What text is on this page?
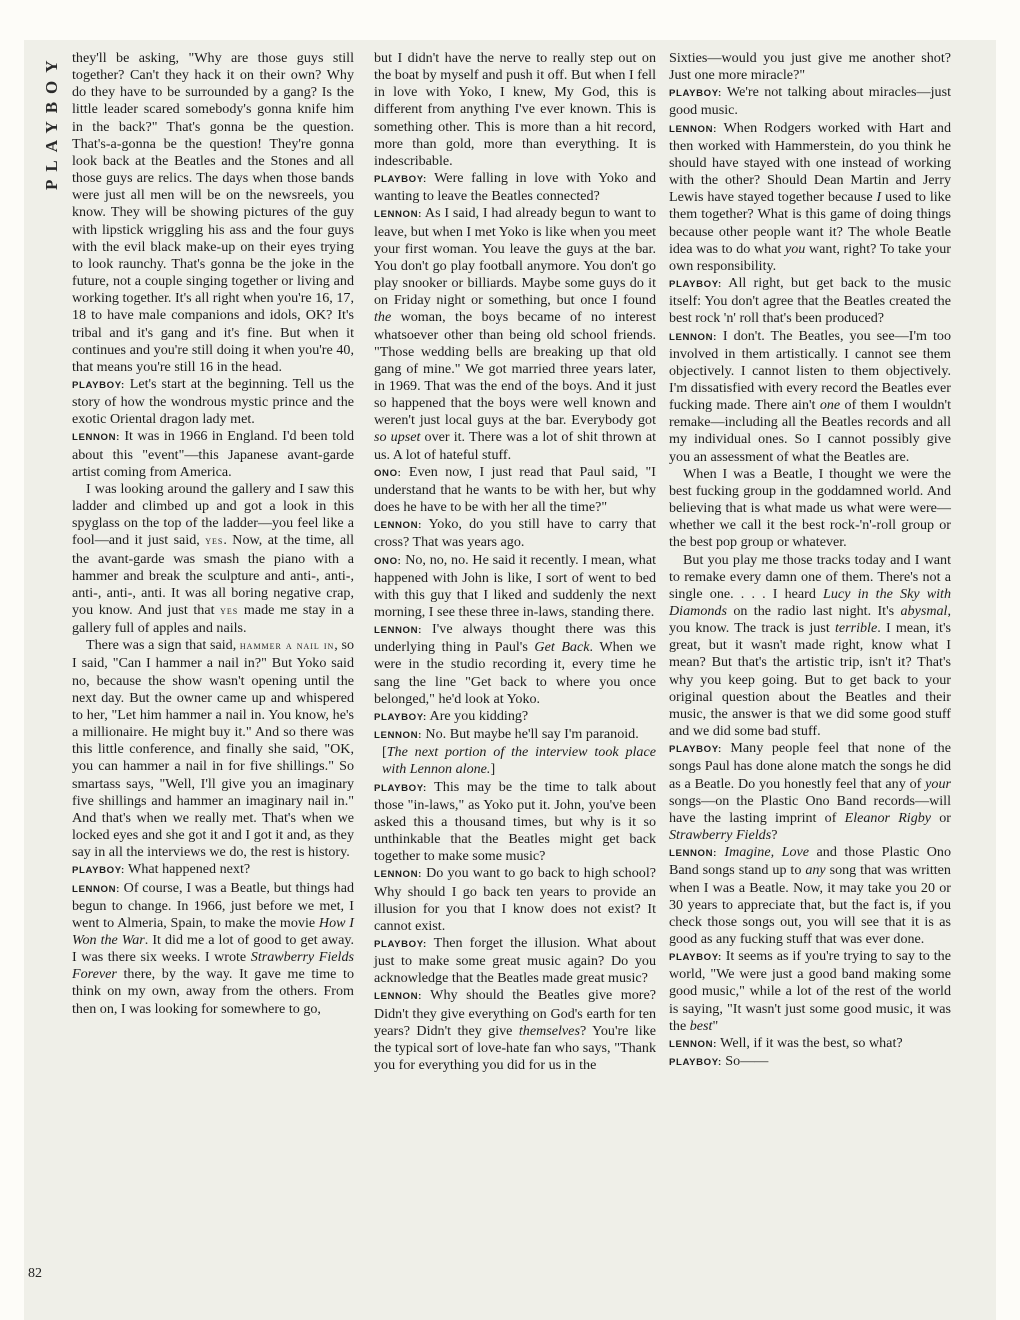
PLAYBOY they'll be asking, "Why are those guys still together? Can't they hack it on their own? Why do they have to be surrounded by a gang? Is the little leader scared somebody's gonna knife him in the back?" That's gonna be the question. That's-a-gonna be the question! They're gonna look back at the Beatles and the Stones and all those guys are relics. The days when those bands were just all men will be on the newsreels, you know. They will be showing pictures of the guy with lipstick wriggling his ass and the four guys with the evil black make-up on their eyes trying to look raunchy. That's gonna be the joke in the future, not a couple singing together or living and working together. It's all right when you're 16, 17, 18 to have male companions and idols, OK? It's tribal and it's gang and it's fine. But when it continues and you're still doing it when you're 40, that means you're still 16 in the head.

PLAYBOY: Let's start at the beginning. Tell us the story of how the wondrous mystic prince and the exotic Oriental dragon lady met.

LENNON: It was in 1966 in England. I'd been told about this "event"—this Japanese avant-garde artist coming from America.

I was looking around the gallery and I saw this ladder and climbed up and got a look in this spyglass on the top of the ladder—you feel like a fool—and it just said, yes. Now, at the time, all the avant-garde was smash the piano with a hammer and break the sculpture and anti-, anti-, anti-, anti-, anti. It was all boring negative crap, you know. And just that yes made me stay in a gallery full of apples and nails.

There was a sign that said, hammer a nail in, so I said, "Can I hammer a nail in?" But Yoko said no, because the show wasn't opening until the next day. But the owner came up and whispered to her, "Let him hammer a nail in. You know, he's a millionaire. He might buy it." And so there was this little conference, and finally she said, "OK, you can hammer a nail in for five shillings." So smartass says, "Well, I'll give you an imaginary five shillings and hammer an imaginary nail in." And that's when we really met. That's when we locked eyes and she got it and I got it and, as they say in all the interviews we do, the rest is history.

PLAYBOY: What happened next?

LENNON: Of course, I was a Beatle, but things had begun to change. In 1966, just before we met, I went to Almeria, Spain, to make the movie How I Won the War. It did me a lot of good to get away. I was there six weeks. I wrote Strawberry Fields Forever there, by the way. It gave me time to think on my own, away from the others. From then on, I was looking for somewhere to go,

but I didn't have the nerve to really step out on the boat by myself and push it off. But when I fell in love with Yoko, I knew, My God, this is different from anything I've ever known. This is something other. This is more than a hit record, more than gold, more than everything. It is indescribable.

PLAYBOY: Were falling in love with Yoko and wanting to leave the Beatles connected?

LENNON: As I said, I had already begun to want to leave, but when I met Yoko is like when you meet your first woman. You leave the guys at the bar. You don't go play football anymore. You don't go play snooker or billiards. Maybe some guys do it on Friday night or something, but once I found the woman, the boys became of no interest whatsoever other than being old school friends. "Those wedding bells are breaking up that old gang of mine." We got married three years later, in 1969. That was the end of the boys. And it just so happened that the boys were well known and weren't just local guys at the bar. Everybody got so upset over it. There was a lot of shit thrown at us. A lot of hateful stuff.

ONO: Even now, I just read that Paul said, "I understand that he wants to be with her, but why does he have to be with her all the time?"

LENNON: Yoko, do you still have to carry that cross? That was years ago.

ONO: No, no, no. He said it recently. I mean, what happened with John is like, I sort of went to bed with this guy that I liked and suddenly the next morning, I see these three in-laws, standing there.

LENNON: I've always thought there was this underlying thing in Paul's Get Back. When we were in the studio recording it, every time he sang the line "Get back to where you once belonged," he'd look at Yoko.

PLAYBOY: Are you kidding?

LENNON: No. But maybe he'll say I'm paranoid.

[The next portion of the interview took place with Lennon alone.]

PLAYBOY: This may be the time to talk about those "in-laws," as Yoko put it. John, you've been asked this a thousand times, but why is it so unthinkable that the Beatles might get back together to make some music?

LENNON: Do you want to go back to high school? Why should I go back ten years to provide an illusion for you that I know does not exist? It cannot exist.

PLAYBOY: Then forget the illusion. What about just to make some great music again? Do you acknowledge that the Beatles made great music?

LENNON: Why should the Beatles give more? Didn't they give everything on God's earth for ten years? Didn't they give themselves? You're like the typical sort of love-hate fan who says, "Thank you for everything you did for us in the

Sixties—would you just give me another shot? Just one more miracle?"

PLAYBOY: We're not talking about miracles—just good music.

LENNON: When Rodgers worked with Hart and then worked with Hammerstein, do you think he should have stayed with one instead of working with the other? Should Dean Martin and Jerry Lewis have stayed together because I used to like them together? What is this game of doing things because other people want it? The whole Beatle idea was to do what you want, right? To take your own responsibility.

PLAYBOY: All right, but get back to the music itself: You don't agree that the Beatles created the best rock 'n' roll that's been produced?

LENNON: I don't. The Beatles, you see—I'm too involved in them artistically. I cannot see them objectively. I cannot listen to them objectively. I'm dissatisfied with every record the Beatles ever fucking made. There ain't one of them I wouldn't remake—including all the Beatles records and all my individual ones. So I cannot possibly give you an assessment of what the Beatles are.

When I was a Beatle, I thought we were the best fucking group in the goddamned world. And believing that is what made us what were were—whether we call it the best rock-'n'-roll group or the best pop group or whatever.

But you play me those tracks today and I want to remake every damn one of them. There's not a single one. . . . I heard Lucy in the Sky with Diamonds on the radio last night. It's abysmal, you know. The track is just terrible. I mean, it's great, but it wasn't made right, know what I mean? But that's the artistic trip, isn't it? That's why you keep going. But to get back to your original question about the Beatles and their music, the answer is that we did some good stuff and we did some bad stuff.

PLAYBOY: Many people feel that none of the songs Paul has done alone match the songs he did as a Beatle. Do you honestly feel that any of your songs—on the Plastic Ono Band records—will have the lasting imprint of Eleanor Rigby or Strawberry Fields?

LENNON: Imagine, Love and those Plastic Ono Band songs stand up to any song that was written when I was a Beatle. Now, it may take you 20 or 30 years to appreciate that, but the fact is, if you check those songs out, you will see that it is as good as any fucking stuff that was ever done.

PLAYBOY: It seems as if you're trying to say to the world, "We were just a good band making some good music," while a lot of the rest of the world is saying, "It wasn't just some good music, it was the best"

LENNON: Well, if it was the best, so what?

PLAYBOY: So——

82
